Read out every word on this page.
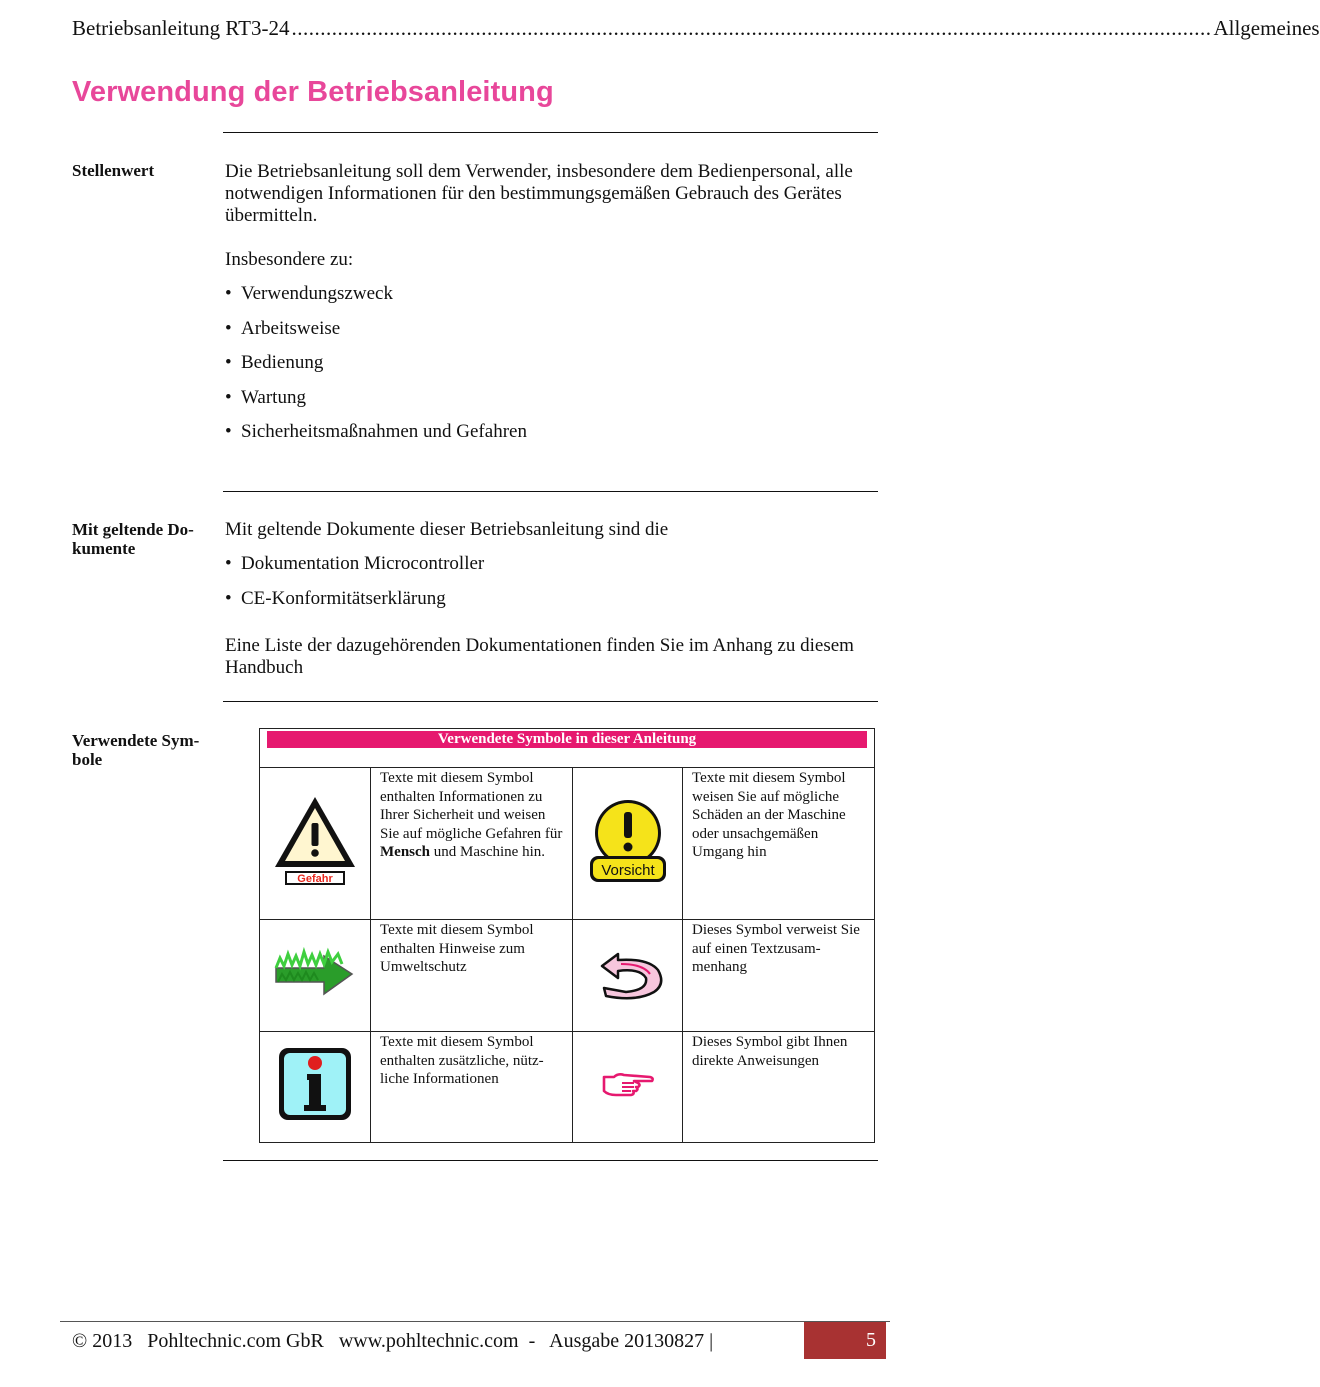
Betriebsanleitung RT3-24 ................................................................................................................................................................ Allgemeines
Verwendung der Betriebsanleitung
Stellenwert	Die Betriebsanleitung soll dem Verwender, insbesondere dem Bedienpersonal, alle notwendigen Informationen für den bestimmungsgemäßen Gebrauch des Gerätes übermitteln.

Insbesondere zu:

• Verwendungszweck
• Arbeitsweise
• Bedienung
• Wartung
• Sicherheitsmaßnahmen und Gefahren
Mit geltende Do-
kumente

Mit geltende Dokumente dieser Betriebsanleitung sind die

• Dokumentation Microcontroller
• CE-Konformitätserklärung

Eine Liste der dazugehörenden Dokumentationen finden Sie im Anhang zu diesem Handbuch

Verwendete Sym-
bole
Verwendete Symbole in dieser Anleitung			

Gefahr	Texte mit diesem Symbol enthalten Informationen zu Ihrer Sicherheit und weisen Sie auf mögliche Gefahren für Mensch und Maschine hin.	Vorsicht	Texte mit diesem Symbol weisen Sie auf mögliche Schäden an der Maschine oder unsachgemäßen Umgang hin
	Texte mit diesem Symbol enthalten Hinweise zum Umweltschutz		Dieses Symbol verweist Sie auf einen Textzusam-menhang
	Texte mit diesem Symbol enthalten zusätzliche, nütz-liche Informationen		Dieses Symbol gibt Ihnen direkte Anweisungen
© 2013   Pohltechnic.com GbR   www.pohltechnic.com  -   Ausgabe 20130827 |	5
